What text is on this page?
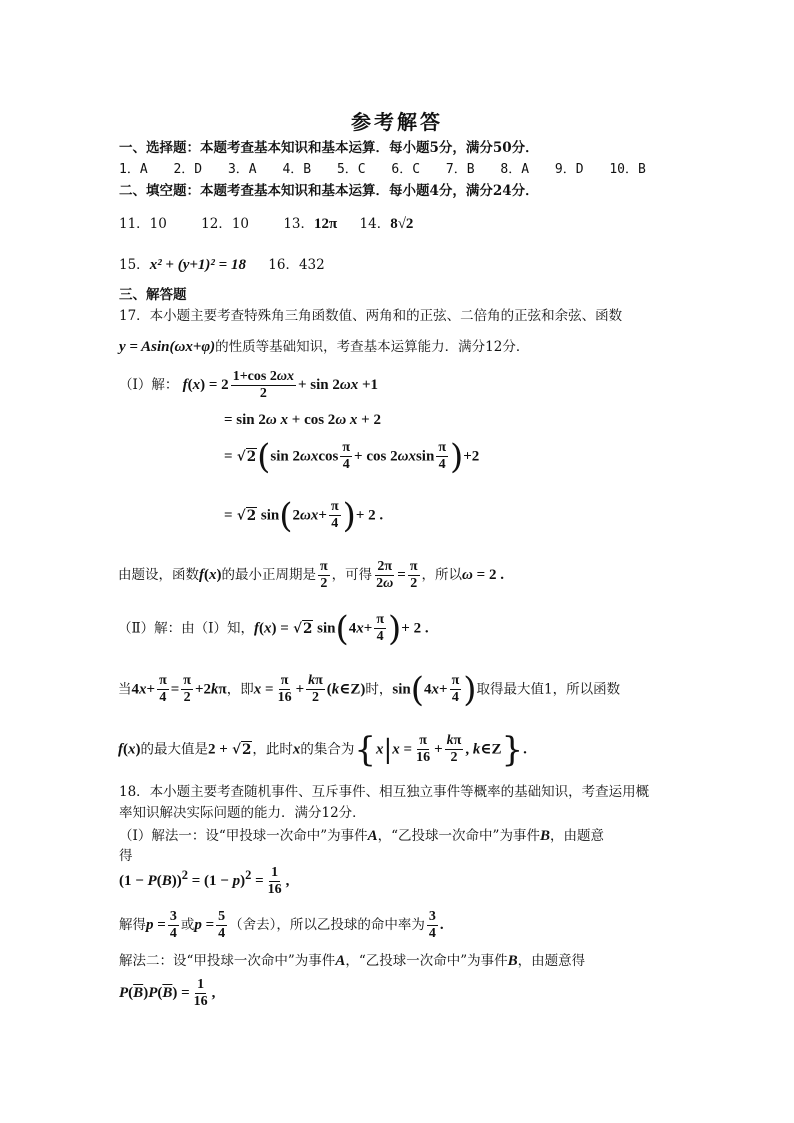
参考解答
一、选择题：本题考查基本知识和基本运算．每小题5分，满分50分．
1．A 2．D 3．A 4．B 5．C 6．C 7．B 8．A 9．D 10．B
二、填空题：本题考查基本知识和基本运算．每小题4分，满分24分．
11．10	12．10	13．12π 14．8√2
15．x² + (y+1)² = 18 16．432
三、解答题
17．本小题主要考查特殊角三角函数值、两角和的正弦、二倍角的正弦和余弦、函数
y = Asin(ωx+φ)的性质等基础知识，考查基本运算能力．满分12分．
（Ⅰ）解： $f(x) = 2 \frac{1+\cos 2\omega x}{2} + \sin 2\omega x +1$
= sin 2ω x + cos 2ω x + 2
= √2(sin $2\omega xcos \frac{\pi}{4} + \cos 2\omega xsin \frac{\pi}{4} )+2$
= √2 $\sin(2\omega x+ \frac{\pi}{4}$ )+ 2 .
由题设，函数f(x)的最小正周期是 $\frac{\pi}{2}$ ，可得 $\frac{2\pi}{2\omega} = \frac{\pi}{2}$ ，所以ω = 2 .
（Ⅱ）解：由（Ⅰ）知，f(x) = √2 $\sin(4x+ \frac{\pi}{4}$ )+ 2 .
当$4x+ \frac{\pi}{4} = \frac{\pi}{2} +2k\pi$，即$x = \frac{\pi}{16} + \frac{k\pi}{2}$ (k∈Z)时，$\sin(4x+ \frac{\pi}{4}$ )取得最大值1，所以函数
f(x)的最大值是2 + √2，此时x的集合为{$x|x = \frac{\pi}{16} + \frac{k\pi}{2}$ , k∈Z}.
18．本小题主要考查随机事件、互斥事件、相互独立事件等概率的基础知识，考查运用概
率知识解决实际问题的能力．满分12分．
（Ⅰ）解法一：设“甲投球一次命中”为事件A，“乙投球一次命中”为事件B，由题意
得
$(1 - P(B))^2 = (1 - p)^2 = \frac{1}{16}$ ,
解得$p = \frac{3}{4}$ 或$p = \frac{5}{4}$ （舍去），所以乙投球的命中率为 $\frac{3}{4}$ .
解法二：设“甲投球一次命中”为事件A，“乙投球一次命中”为事件B，由题意得
$P(\overline{B})P(\overline{B}) = \frac{1}{16}$ ,
